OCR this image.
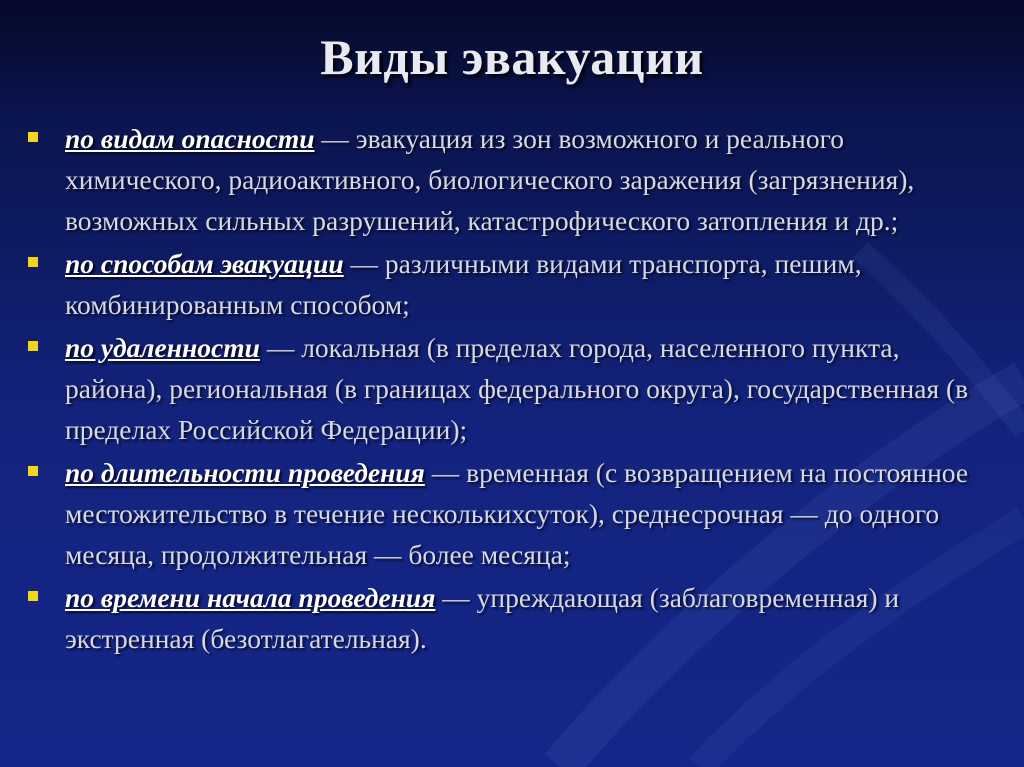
Виды эвакуации
по видам опасности — эвакуация из зон возможного и реального химического, радиоактивного, биологического заражения (загрязнения), возможных сильных разрушений, катастрофического затопления и др.;
по способам эвакуации — различными видами транспорта, пешим, комбинированным способом;
по удаленности — локальная (в пределах города, населенного пункта, района), региональная (в границах федерального округа), государственная (в пределах Российской Федерации);
по длительности проведения — временная (с возвращением на постоянное местожительство в течение несколькихсуток), среднесрочная — до одного месяца, продолжительная — более месяца;
по времени начала проведения — упреждающая (заблаговременная) и экстренная (безотлагательная).
